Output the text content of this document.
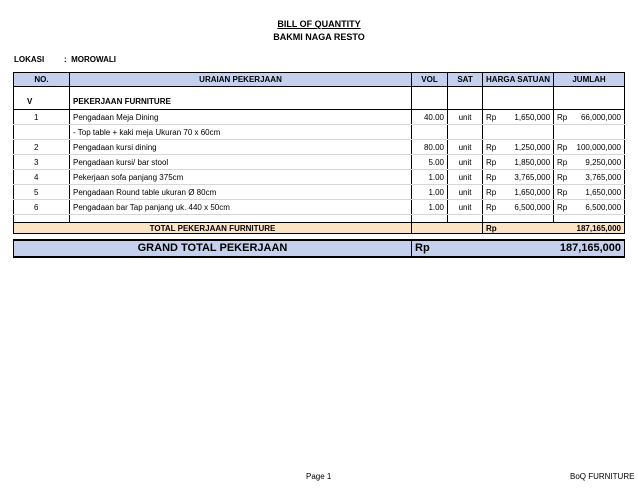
BILL OF QUANTITY
BAKMI NAGA RESTO
LOKASI : MOROWALI
NO.		URAIAN PEKERJAAN	VOL	SAT	HARGA SATUAN		JUMLAH	

V		PEKERJAAN FURNITURE						
1		Pengadaan Meja Dining	40.00	unit	Rp	1,650,000	Rp	66,000,000
		- Top table + kaki meja Ukuran 70 x 60cm						
2		Pengadaan kursi dining	80.00	unit	Rp	1,250,000	Rp	100,000,000
3		Pengadaan kursi/ bar stool	5.00	unit	Rp	1,850,000	Rp	9,250,000
4		Pekerjaan sofa panjang 375cm	1.00	unit	Rp	3,765,000	Rp	3,765,000
5		Pengadaan Round table ukuran Ø 80cm	1.00	unit	Rp	1,650,000	Rp	1,650,000
6		Pengadaan bar Tap panjang uk. 440 x 50cm	1.00	unit	Rp	6,500,000	Rp	6,500,000

TOTAL PEKERJAAN FURNITURE					Rp		187,165,000	

GRAND TOTAL PEKERJAAN			Rp				187,165,000	
Page 1	BoQ FURNITURE
